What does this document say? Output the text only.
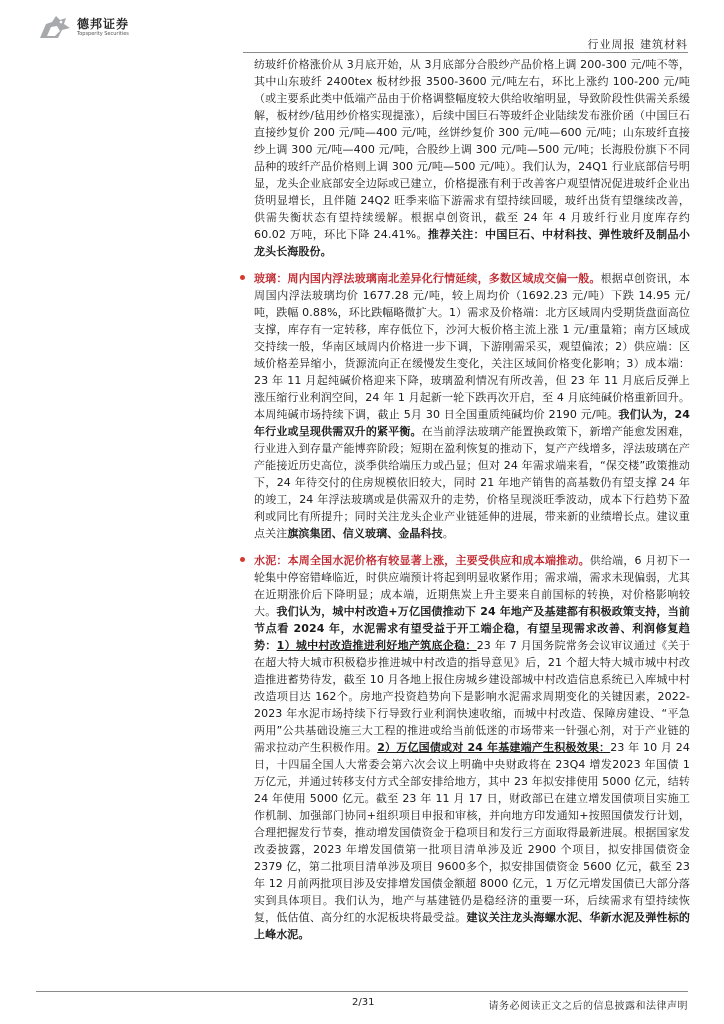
德邦证券
Topsperity Securities
行业周报 建筑材料

纺玻纤价格涨价从 3月底开始，从 3月底部分合股纱产品价格上调 200-300 元/吨不等，其中山东玻纤 2400tex 板材纱报 3500-3600 元/吨左右，环比上涨约 100-200 元/吨（或主要系此类中低端产品由于价格调整幅度较大供给收缩明显，导致阶段性供需关系缓解，板材纱/毡用纱价格实现提涨），后续中国巨石等玻纤企业陆续发布涨价函（中国巨石直接纱复价 200 元/吨—400 元/吨，丝饼纱复价 300 元/吨—600 元/吨；山东玻纤直接纱上调 300 元/吨—400 元/吨，合股纱上调 300 元/吨—500 元/吨；长海股份旗下不同品种的玻纤产品价格则上调 300 元/吨—500 元/吨）。我们认为，24Q1 行业底部信号明显，龙头企业底部安全边际或已建立，价格提涨有利于改善客户观望情况促进玻纤企业出货明显增长，且伴随 24Q2 旺季来临下游需求有望持续回暖，玻纤出货有望继续改善，供需失衡状态有望持续缓解。根据卓创资讯，截至 24 年 4 月玻纤行业月度库存约 60.02 万吨，环比下降 24.41%。推荐关注：中国巨石、中材科技、弹性玻纤及制品小龙头长海股份。

玻璃：周内国内浮法玻璃南北差异化行情延续，多数区域成交偏一般。根据卓创资讯，本周国内浮法玻璃均价 1677.28 元/吨，较上周均价（1692.23 元/吨）下跌 14.95 元/吨，跌幅 0.88%，环比跌幅略微扩大。1）需求及价格端：北方区域周内受期货盘面高位支撑，库存有一定转移，库存低位下，沙河大板价格主流上涨 1 元/重量箱；南方区域成交持续一般，华南区域周内价格进一步下调，下游刚需采买，观望偏浓；2）供应端：区域价格差异缩小，货源流向正在缓慢发生变化，关注区域间价格变化影响；3）成本端：23 年 11 月起纯碱价格迎来下降，玻璃盈利情况有所改善，但 23 年 11 月底后反弹上涨压缩行业利润空间，24 年 1 月起新一轮下跌再次开启，至 4 月底纯碱价格重新回升。本周纯碱市场持续下调，截止 5月 30 日全国重质纯碱均价 2190 元/吨。我们认为，24 年行业或呈现供需双升的紧平衡。在当前浮法玻璃产能置换政策下，新增产能愈发困难，行业进入到存量产能博弈阶段；短期在盈利恢复的推动下，复产产线增多，浮法玻璃在产产能接近历史高位，淡季供给端压力或凸显；但对 24 年需求端来看，“保交楼”政策推动下，24 年待交付的住房规模依旧较大，同时 21 年地产销售的高基数仍有望支撑 24 年的竣工，24 年浮法玻璃或是供需双升的走势，价格呈现淡旺季波动，成本下行趋势下盈利或同比有所提升；同时关注龙头企业产业链延伸的进展，带来新的业绩增长点。建议重点关注旗滨集团、信义玻璃、金晶科技。

水泥：本周全国水泥价格有较显著上涨，主要受供应和成本端推动。供给端，6 月初下一轮集中停窑错峰临近，时供应端预计将起到明显收紧作用；需求端，需求未现偏弱，尤其在近期涨价后下降明显；成本端，近期焦炭上升主要来自前国标的转换，对价格影响较大。我们认为，城中村改造+万亿国债推动下 24 年地产及基建都有积极政策支持，当前节点看 2024 年，水泥需求有望受益于开工端企稳，有望呈现需求改善、利润修复趋势：1）城中村改造推进利好地产筑底企稳：23 年 7 月国务院常务会议审议通过《关于在超大特大城市积极稳步推进城中村改造的指导意见》后，21 个超大特大城市城中村改造推进蓄势待发，截至 10 月各地上报住房城乡建设部城中村改造信息系统已入库城中村改造项目达 162个。房地产投资趋势向下是影响水泥需求周期变化的关键因素，2022-2023 年水泥市场持续下行导致行业利润快速收缩，而城中村改造、保障房建设、“平急两用”公共基础设施三大工程的推进或给当前低迷的市场带来一针强心剂，对于产业链的需求拉动产生积极作用。2）万亿国债或对 24 年基建端产生积极效果：23 年 10 月 24 日，十四届全国人大常委会第六次会议上明确中央财政将在 23Q4 增发2023 年国债 1 万亿元，并通过转移支付方式全部安排给地方，其中 23 年拟安排使用 5000 亿元，结转 24 年使用 5000 亿元。截至 23 年 11 月 17 日，财政部已在建立增发国债项目实施工作机制、加强部门协同+组织项目申报和审核，并向地方印发通知+按照国债发行计划，合理把握发行节奏，推动增发国债资金于稳项目和发行三方面取得最新进展。根据国家发改委披露，2023 年增发国债第一批项目清单涉及近 2900 个项目，拟安排国债资金 2379 亿，第二批项目清单涉及项目 9600多个，拟安排国债资金 5600 亿元，截至 23 年 12 月前两批项目涉及安排增发国债金额超 8000 亿元，1 万亿元增发国债已大部分落实到具体项目。我们认为，地产与基建链仍是稳经济的重要一环，后续需求有望持续恢复，低估值、高分红的水泥板块将最受益。建议关注龙头海螺水泥、华新水泥及弹性标的上峰水泥。

2/31	请务必阅读正文之后的信息披露和法律声明
